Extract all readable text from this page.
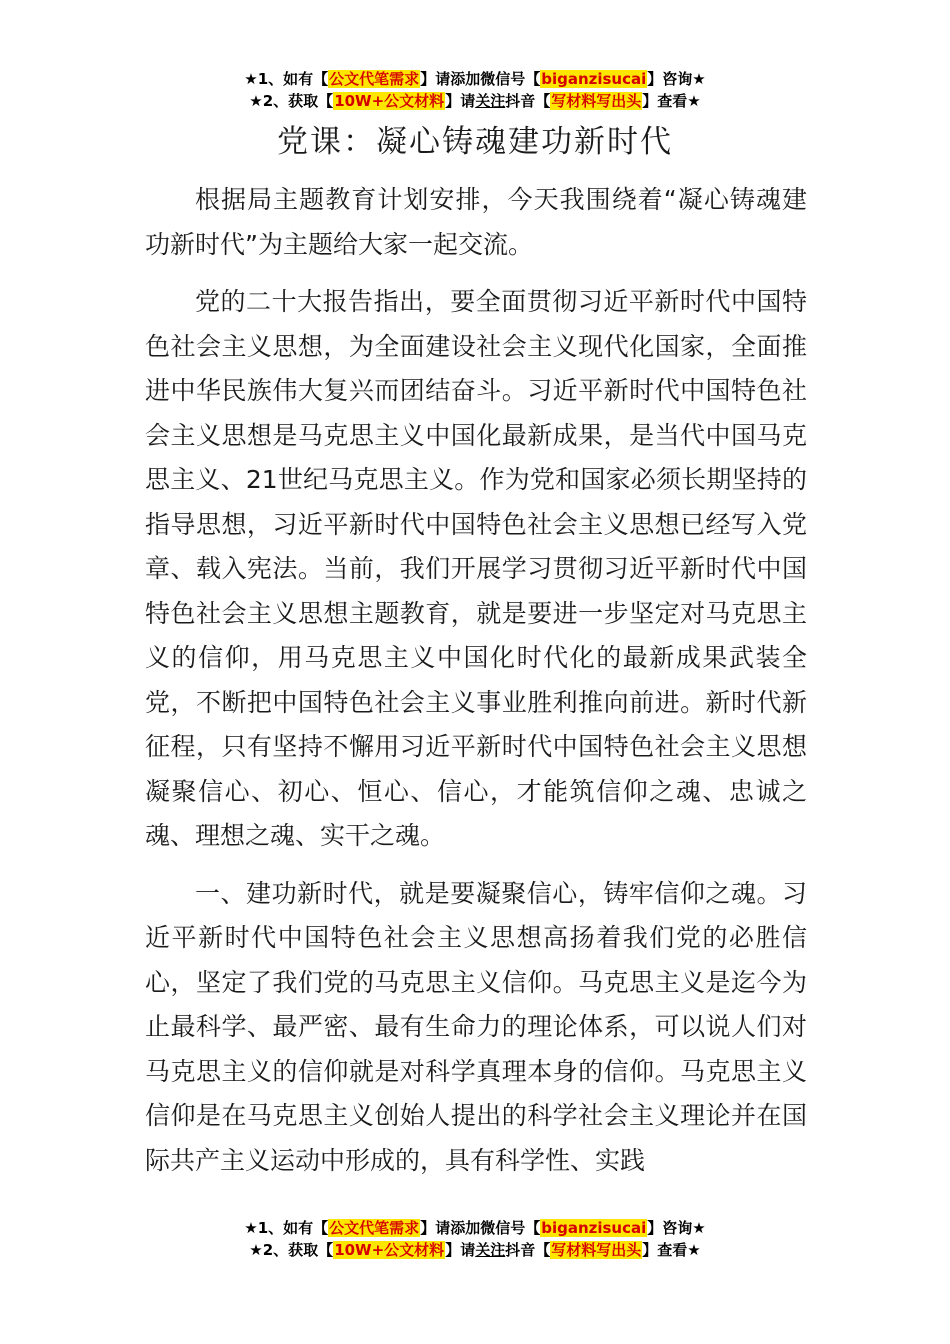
★1、如有【公文代笔需求】请添加微信号【biganzisucai】咨询★
★2、获取【10W+公文材料】请关注抖音【写材料写出头】查看★
党课：凝心铸魂建功新时代

根据局主题教育计划安排，今天我围绕着“凝心铸魂建功新时代”为主题给大家一起交流。

党的二十大报告指出，要全面贯彻习近平新时代中国特色社会主义思想，为全面建设社会主义现代化国家，全面推进中华民族伟大复兴而团结奋斗。习近平新时代中国特色社会主义思想是马克思主义中国化最新成果，是当代中国马克思主义、21世纪马克思主义。作为党和国家必须长期坚持的指导思想，习近平新时代中国特色社会主义思想已经写入党章、载入宪法。当前，我们开展学习贯彻习近平新时代中国特色社会主义思想主题教育，就是要进一步坚定对马克思主义的信仰，用马克思主义中国化时代化的最新成果武装全党，不断把中国特色社会主义事业胜利推向前进。新时代新征程，只有坚持不懈用习近平新时代中国特色社会主义思想凝聚信心、初心、恒心、信心，才能筑信仰之魂、忠诚之魂、理想之魂、实干之魂。

一、建功新时代，就是要凝聚信心，铸牢信仰之魂。习近平新时代中国特色社会主义思想高扬着我们党的必胜信心，坚定了我们党的马克思主义信仰。马克思主义是迄今为止最科学、最严密、最有生命力的理论体系，可以说人们对马克思主义的信仰就是对科学真理本身的信仰。马克思主义信仰是在马克思主义创始人提出的科学社会主义理论并在国际共产主义运动中形成的，具有科学性、实践

★1、如有【公文代笔需求】请添加微信号【biganzisucai】咨询★
★2、获取【10W+公文材料】请关注抖音【写材料写出头】查看★
